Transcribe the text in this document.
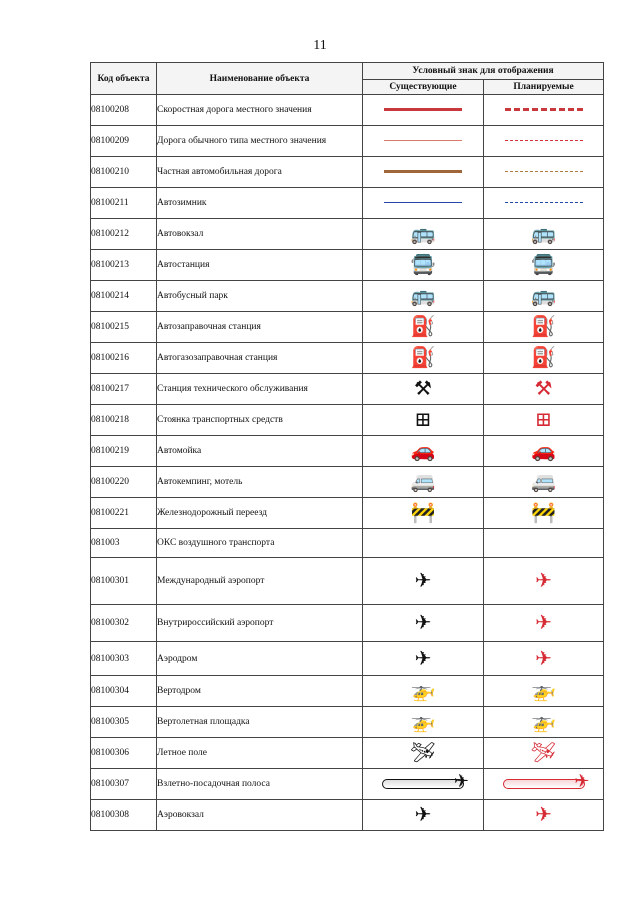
11
Код объекта	Наименование объекта	Условный знак для отображения	
		Существующие	Планируемые
08100208	Скоростная дорога местного значения		
08100209	Дорога обычного типа местного значения		
08100210	Частная автомобильная дорога		
08100211	Автозимник		
08100212	Автовокзал	🚌	🚌
08100213	Автостанция	🚍	🚍
08100214	Автобусный парк	🚌	🚌
08100215	Автозаправочная станция	⛽	⛽
08100216	Автогазозаправочная станция	⛽	⛽
08100217	Станция технического обслуживания	⚒	⚒
08100218	Стоянка транспортных средств	⊞	⊞
08100219	Автомойка	🚗	🚗
08100220	Автокемпинг, мотель	🚐	🚐
08100221	Железнодорожный переезд	🚧	🚧
081003	ОКС воздушного транспорта		
08100301	Международный аэропорт	✈	✈
08100302	Внутрироссийский аэропорт	✈	✈
08100303	Аэродром	✈	✈
08100304	Вертодром	🚁	🚁
08100305	Вертолетная площадка	🚁	🚁
08100306	Летное поле	🛩	🛩
08100307	Взлетно-посадочная полоса	✈	✈

08100308	Аэровокзал	✈	✈
